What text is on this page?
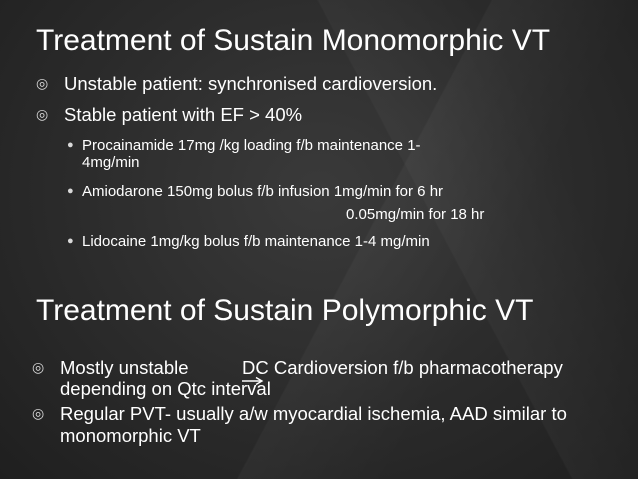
Treatment of Sustain Monomorphic VT
◎ Unstable patient: synchronised cardioversion.
◎ Stable patient with EF > 40%
● Procainamide 17mg /kg loading f/b maintenance 1-
4mg/min
● Amiodarone 150mg bolus f/b infusion 1mg/min for 6 hr
0.05mg/min for 18 hr
● Lidocaine 1mg/kg bolus f/b maintenance 1-4 mg/min
Treatment of Sustain Polymorphic VT
◎ Mostly unstable	DC Cardioversion f/b pharmacotherapy
depending on Qtc interval
◎ Regular PVT- usually a/w myocardial ischemia, AAD similar to
monomorphic VT
